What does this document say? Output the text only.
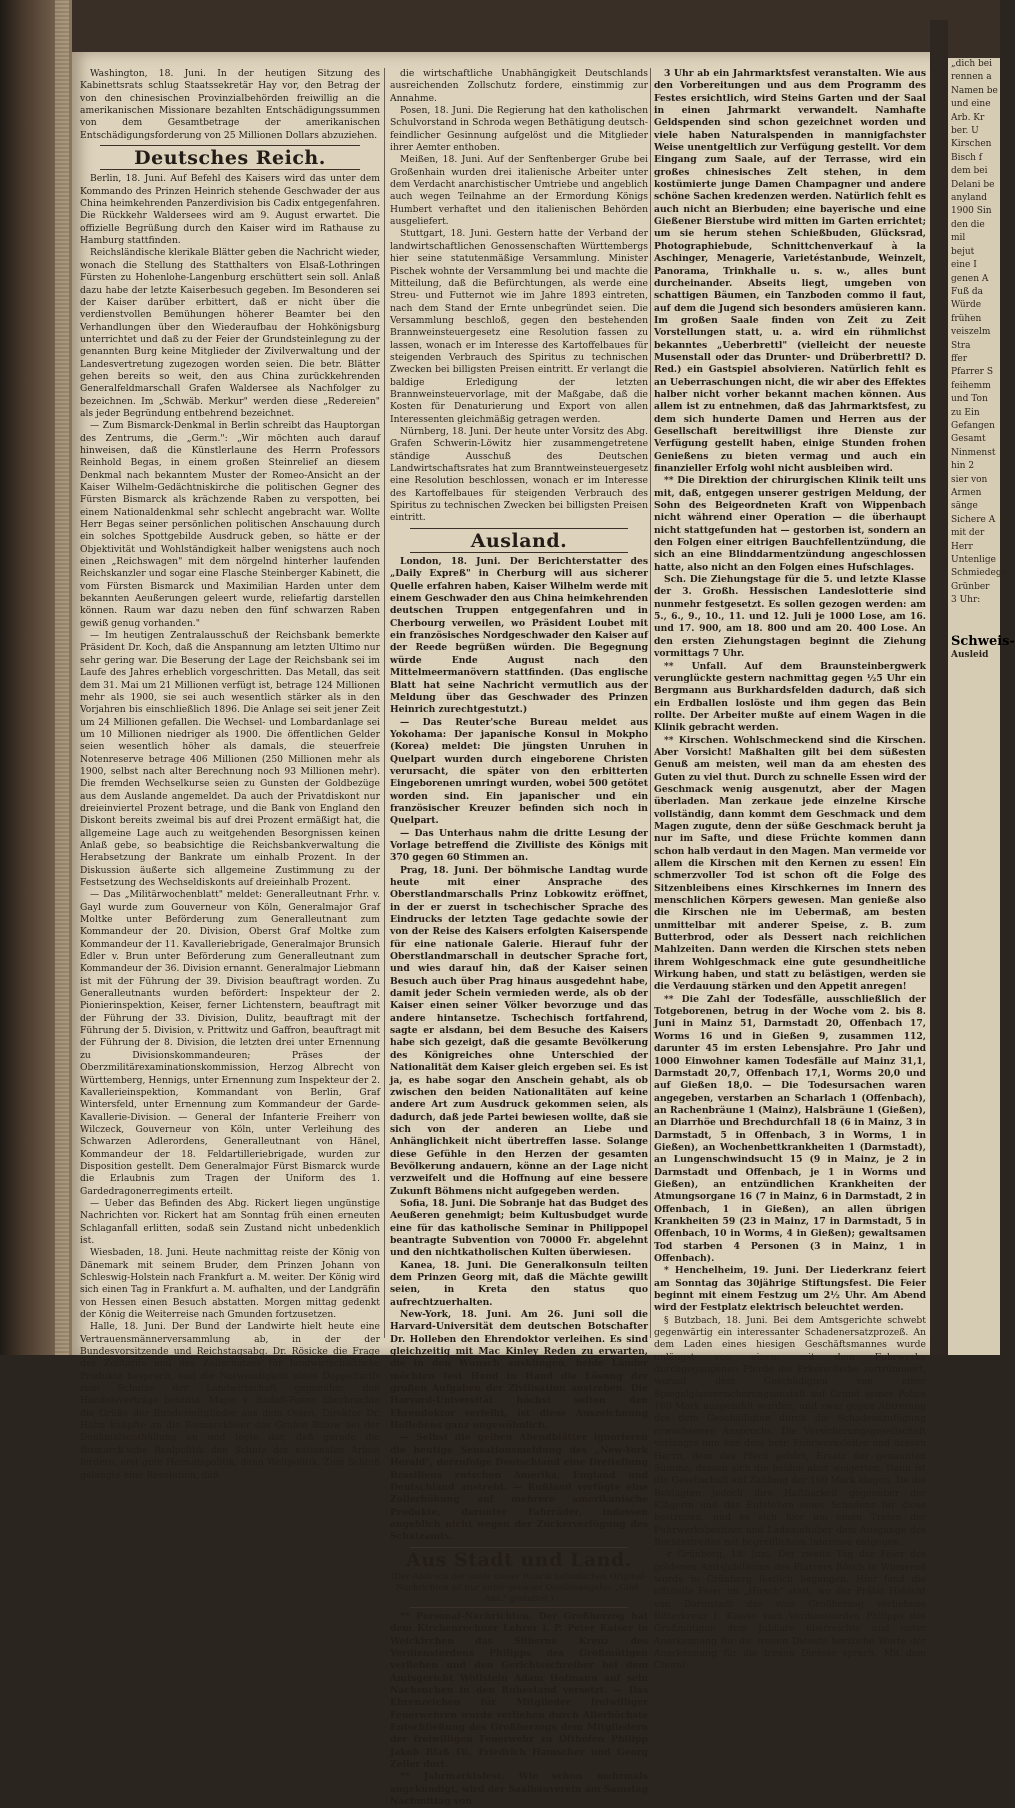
Washington, 18. Juni. In der heutigen Sitzung des Kabinettsrats schlug Staatssekretär Hay vor, den Betrag der von den chinesischen Provinzialbehörden freiwillig an die amerikanischen Missionare bezahlten Entschädigungssummen von dem Gesamtbetrage der amerikanischen Entschädigungsforderung von 25 Millionen Dollars abzuziehen.

Deutsches Reich.

Berlin, 18. Juni. Auf Befehl des Kaisers wird das unter dem Kommando des Prinzen Heinrich stehende Geschwader der aus China heimkehrenden Panzerdivision bis Cadix entgegenfahren. Die Rückkehr Waldersees wird am 9. August erwartet. Die offizielle Begrüßung durch den Kaiser wird im Rathause zu Hamburg stattfinden.

Reichsländische klerikale Blätter geben die Nachricht wieder, wonach die Stellung des Statthalters von Elsaß-Lothringen Fürsten zu Hohenlohe-Langenburg erschüttert sein soll. Anlaß dazu habe der letzte Kaiserbesuch gegeben. Im Besonderen sei der Kaiser darüber erbittert, daß er nicht über die verdienstvollen Bemühungen höherer Beamter bei den Verhandlungen über den Wiederaufbau der Hohkönigsburg unterrichtet und daß zu der Feier der Grundsteinlegung zu der genannten Burg keine Mitglieder der Zivilverwaltung und der Landesvertretung zugezogen worden seien. Die betr. Blätter gehen bereits so weit, den aus China zurückkehrenden Generalfeldmarschall Grafen Waldersee als Nachfolger zu bezeichnen. Im „Schwäb. Merkur" werden diese „Redereien" als jeder Begründung entbehrend bezeichnet.

— Zum Bismarck-Denkmal in Berlin schreibt das Hauptorgan des Zentrums, die „Germ.": „Wir möchten auch darauf hinweisen, daß die Künstlerlaune des Herrn Professors Reinhold Begas, in einem großen Steinrelief an diesem Denkmal nach bekanntem Muster der Romeo-Ansicht an der Kaiser Wilhelm-Gedächtniskirche die politischen Gegner des Fürsten Bismarck als krächzende Raben zu verspotten, bei einem Nationaldenkmal sehr schlecht angebracht war. Wollte Herr Begas seiner persönlichen politischen Anschauung durch ein solches Spottgebilde Ausdruck geben, so hätte er der Objektivität und Wohlständigkeit halber wenigstens auch noch einen „Reichswagen" mit dem nörgelnd hinterher laufenden Reichskanzler und sogar eine Flasche Steinberger Kabinett, die vom Fürsten Bismarck und Maximilian Harden unter dem bekannten Aeußerungen geleert wurde, reliefartig darstellen können. Raum war dazu neben den fünf schwarzen Raben gewiß genug vorhanden."

— Im heutigen Zentralausschuß der Reichsbank bemerkte Präsident Dr. Koch, daß die Anspannung am letzten Ultimo nur sehr gering war. Die Beserung der Lage der Reichsbank sei im Laufe des Jahres erheblich vorgeschritten. Das Metall, das seit dem 31. Mai um 21 Millionen verfügt ist, betrage 124 Millionen mehr als 1900, sie sei auch wesentlich stärker als in den Vorjahren bis einschließlich 1896. Die Anlage sei seit jener Zeit um 24 Millionen gefallen. Die Wechsel- und Lombardanlage sei um 10 Millionen niedriger als 1900. Die öffentlichen Gelder seien wesentlich höher als damals, die steuerfreie Notenreserve betrage 406 Millionen (250 Millionen mehr als 1900, selbst nach alter Berechnung noch 93 Millionen mehr). Die fremden Wechselkurse seien zu Gunsten der Goldbezüge aus dem Auslande angemeldet. Da auch der Privatdiskont nur dreieinviertel Prozent betrage, und die Bank von England den Diskont bereits zweimal bis auf drei Prozent ermäßigt hat, die allgemeine Lage auch zu weitgehenden Besorgnissen keinen Anlaß gebe, so beabsichtige die Reichsbankverwaltung die Herabsetzung der Bankrate um einhalb Prozent. In der Diskussion äußerte sich allgemeine Zustimmung zu der Festsetzung des Wechseldiskonts auf dreieinhalb Prozent.

— Das „Militärwochenblatt" meldet: Generalleutnant Frhr. v. Gayl wurde zum Gouverneur von Köln, Generalmajor Graf Moltke unter Beförderung zum Generalleutnant zum Kommandeur der 20. Division, Oberst Graf Moltke zum Kommandeur der 11. Kavalleriebrigade, Generalmajor Brunsich Edler v. Brun unter Beförderung zum Generalleutnant zum Kommandeur der 36. Division ernannt. Generalmajor Liebmann ist mit der Führung der 39. Division beauftragt worden. Zu Generalleutnants wurden befördert: Inspekteur der 2. Pionierinspektion, Keiser, ferner Lichtenstern, beauftragt mit der Führung der 33. Division, Dulitz, beauftragt mit der Führung der 5. Division, v. Prittwitz und Gaffron, beauftragt mit der Führung der 8. Division, die letzten drei unter Ernennung zu Divisionskommandeuren; Präses der Oberzmilitärexaminationskommission, Herzog Albrecht von Württemberg, Hennigs, unter Ernennung zum Inspekteur der 2. Kavallerieinspektion, Kommandant von Berlin, Graf Wintersfeld, unter Ernennung zum Kommandeur der Garde-Kavallerie-Division. — General der Infanterie Freiherr von Wilczeck, Gouverneur von Köln, unter Verleihung des Schwarzen Adlerordens, Generalleutnant von Hänel, Kommandeur der 18. Feldartilleriebrigade, wurden zur Disposition gestellt. Dem Generalmajor Fürst Bismarck wurde die Erlaubnis zum Tragen der Uniform des 1. Gardedragonerregiments erteilt.

— Ueber das Befinden des Abg. Rickert liegen ungünstige Nachrichten vor. Rickert hat am Sonntag früh einen erneuten Schlaganfall erlitten, sodaß sein Zustand nicht unbedenklich ist.

Wiesbaden, 18. Juni. Heute nachmittag reiste der König von Dänemark mit seinem Bruder, dem Prinzen Johann von Schleswig-Holstein nach Frankfurt a. M. weiter. Der König wird sich einen Tag in Frankfurt a. M. aufhalten, und der Landgräfin von Hessen einen Besuch abstatten. Morgen mittag gedenkt der König die Weiterreise nach Gmunden fortzusetzen.

Halle, 18. Juni. Der Bund der Landwirte hielt heute eine Vertrauensmännerversammlung ab, in der der Bundesvorsitzende und Reichstagsabg. Dr. Rösicke die Frage des Zolltarifs und des Zollschutzes für landwirtschaftliche Produkte besprach, und die Notwendigkeit eines Doppeltarifs zum Schutze der Landwirtschaft gegenüber den Handelsverträge betonte. Major v. Endell-Posen überbrachte die Grüße der Bundesmitglieder aus dem Osten. Direktor Dr. Hahn knüpfte an die Bismarckfeier des Grafen Bülow bei der Denkmalsenthüllung an und legte dar, daß gerade die Bismarck'sche Realpolitik den Schutz der nationalen Arbeit fordere, erst gute Heimatspolitik, dann Weltpolitik. Zum Schluß gelangte eine Resolution, daß

die wirtschaftliche Unabhängigkeit Deutschlands ausreichenden Zollschutz fordere, einstimmig zur Annahme.

Posen, 18. Juni. Die Regierung hat den katholischen Schulvorstand in Schroda wegen Bethätigung deutsch-feindlicher Gesinnung aufgelöst und die Mitglieder ihrer Aemter enthoben.

Meißen, 18. Juni. Auf der Senftenberger Grube bei Großenhain wurden drei italienische Arbeiter unter dem Verdacht anarchistischer Umtriebe und angeblich auch wegen Teilnahme an der Ermordung Königs Humbert verhaftet und den italienischen Behörden ausgeliefert.

Stuttgart, 18. Juni. Gestern hatte der Verband der landwirtschaftlichen Genossenschaften Württembergs hier seine statutenmäßige Versammlung. Minister Pischek wohnte der Versammlung bei und machte die Mitteilung, daß die Befürchtungen, als werde eine Streu- und Futternot wie im Jahre 1893 eintreten, nach dem Stand der Ernte unbegründet seien. Die Versammlung beschloß, gegen den bestehenden Brannweinsteuergesetz eine Resolution fassen zu lassen, wonach er im Interesse des Kartoffelbaues für steigenden Verbrauch des Spiritus zu technischen Zwecken bei billigsten Preisen eintritt. Er verlangt die baldige Erledigung der letzten Brannweinsteuervorlage, mit der Maßgabe, daß die Kosten für Denaturierung und Export von allen Interessenten gleichmäßig getragen werden.

Nürnberg, 18. Juni. Der heute unter Vorsitz des Abg. Grafen Schwerin-Löwitz hier zusammengetretene ständige Ausschuß des Deutschen Landwirtschaftsrates hat zum Branntweinsteuergesetz eine Resolution beschlossen, wonach er im Interesse des Kartoffelbaues für steigenden Verbrauch des Spiritus zu technischen Zwecken bei billigsten Preisen eintritt.

Ausland.

London, 18. Juni. Der Berichterstatter des „Daily Expreß" in Cherburg will aus sicherer Quelle erfahren haben, Kaiser Wilhelm werde mit einem Geschwader den aus China heimkehrenden deutschen Truppen entgegenfahren und in Cherbourg verweilen, wo Präsident Loubet mit ein französisches Nordgeschwader den Kaiser auf der Reede begrüßen würden. Die Begegnung würde Ende August nach den Mittelmeermanövern stattfinden. (Das englische Blatt hat seine Nachricht vermutlich aus der Meldung über das Geschwader des Prinzen Heinrich zurechtgestutzt.)

— Das Reuter'sche Bureau meldet aus Yokohama: Der japanische Konsul in Mokpho (Korea) meldet: Die jüngsten Unruhen in Quelpart wurden durch eingeborene Christen verursacht, die später von den erbitterten Eingeborenen umringt wurden, wobei 500 getötet worden sind. Ein japanischer und ein französischer Kreuzer befinden sich noch in Quelpart.

— Das Unterhaus nahm die dritte Lesung der Vorlage betreffend die Zivilliste des Königs mit 370 gegen 60 Stimmen an.

Prag, 18. Juni. Der böhmische Landtag wurde heute mit einer Ansprache des Oberstlandmarschalls Prinz Lobkowitz eröffnet, in der er zuerst in tschechischer Sprache des Eindrucks der letzten Tage gedachte sowie der von der Reise des Kaisers erfolgten Kaiserspende für eine nationale Galerie. Hierauf fuhr der Oberstlandmarschall in deutscher Sprache fort, und wies darauf hin, daß der Kaiser seinen Besuch auch über Prag hinaus ausgedehnt habe, damit jeder Schein vermieden werde, als ob der Kaiser einen seiner Völker bevorzuge und das andere hintansetze. Tschechisch fortfahrend, sagte er alsdann, bei dem Besuche des Kaisers habe sich gezeigt, daß die gesamte Bevölkerung des Königreiches ohne Unterschied der Nationalität dem Kaiser gleich ergeben sei. Es ist ja, es habe sogar den Anschein gehabt, als ob zwischen den beiden Nationalitäten auf keine andere Art zum Ausdruck gekommen seien, als dadurch, daß jede Partei bewiesen wollte, daß sie sich von der anderen an Liebe und Anhänglichkeit nicht übertreffen lasse. Solange diese Gefühle in den Herzen der gesamten Bevölkerung andauern, könne an der Lage nicht verzweifelt und die Hoffnung auf eine bessere Zukunft Böhmens nicht aufgegeben werden.

Sofia, 18. Juni. Die Sobranje hat das Budget des Aeußeren genehmigt; beim Kultusbudget wurde eine für das katholische Seminar in Philippopel beantragte Subvention von 70000 Fr. abgelehnt und den nichtkatholischen Kulten überwiesen.

Kanea, 18. Juni. Die Generalkonsuln teilten dem Prinzen Georg mit, daß die Mächte gewillt seien, in Kreta den status quo aufrechtzuerhalten.

New-York, 18. Juni. Am 26. Juni soll die Harvard-Universität dem deutschen Botschafter Dr. Holleben den Ehrendoktor verleihen. Es sind gleichzeitig mit Mac Kinley Reden zu erwarten, die in den Wunsch ausklingen, beide Länder möchten fest Hand in Hand die Lösung der großen Aufgaben der Zivilisation anstreben. Die Harvard-Universität höchst selten den Ehrendoktor verleiht, ist diese Auszeichnung Hollebens ganz ungewöhnlich.

— Selbst die gelben Abendblätter ignorieren die heutige Sensationsmeldung des „New-York Herald", derzufolge Deutschland eine Dreiteilung Brasiliens zwischen Amerika, England und Deutschland anstrebt. — Rußland verfügte eine Zollerhöhung auf mehrere amerikanische Produkte, darunter Fahrräder, indessen angeblich nicht wegen der Zuckerverfügung des Schatzamts.

Aus Stadt und Land.
(Der Abdruck der unter dieser Rubrik befindlichen Original-Nachrichten ist nur unter genauer Quellenangabe: „Gieß. Anz." gestattet.)

** Personal-Nachrichten. Der Großherzog hat dem Kirchenrechner Lehrer i. P. Peter Kaiser in Weickirchen das Silberne Kreuz des Verdienstordens Philipps des Großmütigen verliehen und den Gerichtsschreiber bei dem Amtsgericht Wöllstein Adam Hofmann auf sein Nachsuchen in den Ruhestand versetzt. — Das Ehrenzeichen für Mitglieder freiwilliger Feuerwehren wurde verliehen durch Allerhöchste Entschließung des Großherzogs dem Mitgliedern der freiwilligen Feuerwehr zu Ofthofen Philipp Jakob Blaß IV., Friedrich Hamscher und Georg Zeller dort.

** Jahrmarktsfest. Wie schon mehrmals angekündigt, wird der Saalbauverein am Samstag Nachmittag von

3 Uhr ab ein Jahrmarktsfest veranstalten. Wie aus den Vorbereitungen und aus dem Programm des Festes ersichtlich, wird Steins Garten und der Saal in einen Jahrmarkt verwandelt. Namhafte Geldspenden sind schon gezeichnet worden und viele haben Naturalspenden in mannigfachster Weise unentgeltlich zur Verfügung gestellt. Vor dem Eingang zum Saale, auf der Terrasse, wird ein großes chinesisches Zelt stehen, in dem kostümierte junge Damen Champagner und andere schöne Sachen kredenzen werden. Natürlich fehlt es auch nicht an Bierbuden; eine bayerische und eine Gießener Bierstube wird mitten im Garten errichtet; um sie herum stehen Schießbuden, Glücksrad, Photographiebude, Schnittchenverkauf à la Aschinger, Menagerie, Varietéstanbude, Weinzelt, Panorama, Trinkhalle u. s. w., alles bunt durcheinander. Abseits liegt, umgeben von schattigen Bäumen, ein Tanzboden commo il faut, auf dem die Jugend sich besonders amüsieren kann. Im großen Saale finden von Zeit zu Zeit Vorstellungen statt, u. a. wird ein rühmlichst bekanntes „Ueberbrettl" (vielleicht der neueste Musenstall oder das Drunter- und Drüberbrettl? D. Red.) ein Gastspiel absolvieren. Natürlich fehlt es an Ueberraschungen nicht, die wir aber des Effektes halber nicht vorher bekannt machen können. Aus allem ist zu entnehmen, daß das Jahrmarktsfest, zu dem sich hunderte Damen und Herren aus der Gesellschaft bereitwilligst ihre Dienste zur Verfügung gestellt haben, einige Stunden frohen Genießens zu bieten vermag und auch ein finanzieller Erfolg wohl nicht ausbleiben wird.

** Die Direktion der chirurgischen Klinik teilt uns mit, daß, entgegen unserer gestrigen Meldung, der Sohn des Beigeordneten Kraft von Wippenbach nicht während einer Operation — die überhaupt nicht stattgefunden hat — gestorben ist, sondern an den Folgen einer eitrigen Bauchfellentzündung, die sich an eine Blinddarmentzündung angeschlossen hatte, also nicht an den Folgen eines Hufschlages.

Sch. Die Ziehungstage für die 5. und letzte Klasse der 3. Großh. Hessischen Landeslotterie sind nunmehr festgesetzt. Es sollen gezogen werden: am 5., 6., 9., 10., 11. und 12. Juli je 1000 Lose, am 16. und 17. 900, am 18. 800 und am 20. 400 Lose. An den ersten Ziehungstagen beginnt die Ziehung vormittags 7 Uhr.

** Unfall. Auf dem Braunsteinbergwerk verunglückte gestern nachmittag gegen ½5 Uhr ein Bergmann aus Burkhardsfelden dadurch, daß sich ein Erdballen loslöste und ihm gegen das Bein rollte. Der Arbeiter mußte auf einem Wagen in die Klinik gebracht werden.

** Kirschen. Wohlschmeckend sind die Kirschen. Aber Vorsicht! Maßhalten gilt bei dem süßesten Genuß am meisten, weil man da am ehesten des Guten zu viel thut. Durch zu schnelle Essen wird der Geschmack wenig ausgenutzt, aber der Magen überladen. Man zerkaue jede einzelne Kirsche vollständig, dann kommt dem Geschmack und dem Magen zugute, denn der süße Geschmack beruht ja nur im Safte, und diese Früchte kommen dann schon halb verdaut in den Magen. Man vermeide vor allem die Kirschen mit den Kernen zu essen! Ein schmerzvoller Tod ist schon oft die Folge des Sitzenbleibens eines Kirschkernes im Innern des menschlichen Körpers gewesen. Man genieße also die Kirschen nie im Uebermaß, am besten unmittelbar mit anderer Speise, z. B. zum Butterbrod, oder als Dessert nach reichlichen Mahlzeiten. Dann werden die Kirschen stets neben ihrem Wohlgeschmack eine gute gesundheitliche Wirkung haben, und statt zu belästigen, werden sie die Verdauung stärken und den Appetit anregen!

** Die Zahl der Todesfälle, ausschließlich der Totgeborenen, betrug in der Woche vom 2. bis 8. Juni in Mainz 51, Darmstadt 20, Offenbach 17, Worms 16 und in Gießen 9, zusammen 112, darunter 45 im ersten Lebensjahre. Pro Jahr und 1000 Einwohner kamen Todesfälle auf Mainz 31,1, Darmstadt 20,7, Offenbach 17,1, Worms 20,0 und auf Gießen 18,0. — Die Todesursachen waren angegeben, verstarben an Scharlach 1 (Offenbach), an Rachenbräune 1 (Mainz), Halsbräune 1 (Gießen), an Diarrhöe und Brechdurchfall 18 (6 in Mainz, 3 in Darmstadt, 5 in Offenbach, 3 in Worms, 1 in Gießen), an Wochenbettkrankheiten 1 (Darmstadt), an Lungenschwindsucht 15 (9 in Mainz, je 2 in Darmstadt und Offenbach, je 1 in Worms und Gießen), an entzündlichen Krankheiten der Atmungsorgane 16 (7 in Mainz, 6 in Darmstadt, 2 in Offenbach, 1 in Gießen), an allen übrigen Krankheiten 59 (23 in Mainz, 17 in Darmstadt, 5 in Offenbach, 10 in Worms, 4 in Gießen); gewaltsamen Tod starben 4 Personen (3 in Mainz, 1 in Offenbach).

* Henchelheim, 19. Juni. Der Liederkranz feiert am Sonntag das 30jährige Stiftungsfest. Die Feier beginnt mit einem Festzug um 2½ Uhr. Am Abend wird der Festplatz elektrisch beleuchtet werden.

§ Butzbach, 18. Juni. Bei dem Amtsgerichte schwebt gegenwärtig ein interessanter Schadenersatzprozeß. An dem Laden eines hiesigen Geschäftsmannes wurde unlängst von einem mit dem Fuhrwerke durchgegangenen Pferde die Erkerscheibe zertrümmert, worauf dem Geschädigten von einer Spiegelglasversicherungsanstalt auf Grund seiner Police 160 Mark ausgezahlt wurden, und zwar gegen Abtretung des dem Geschädigten durch die Schadenszufügung erwachsenen Anspruchs. Die Versicherungsgesellschaft verlangte nun von dem betr. Fuhrwerksleiter und dessen Herrn, dem das Pferd gehört, Ersatz der genannten Summe, dessen sich die beiden aber weigerten. Dann ist die Gesellschaft auf Zahlung der 160 Mark klagen. Da die Beklagten jedoch ihre Haftbarkeit gegenüber der Klägerin und das Entstehen eines Schadens für diese bestreiten, und es sich hier um einen Treten der Fuhrwerksbesitzer und Ladeninhaber dem Ausgange des Rechtsstreites mit begreiflichem Interesse entgegen.

-r Grünberg, 18. Juni. Der zweite Tag der Feier des goldenen Amtsjubiläums des Pfarrers Rösch in Winnerod wurde in Grünberg festlich begangen. Hier fand die offizielle Feier im „Hirsch" statt, wo der Prälat Habicht von Darmstadt das vom Großherzog verliehene Ritterkreuz I. Klasse vom Verdienstorden Philipps des Großmütigen dem Jubilare überreichte und unter Anerkennung für die treuen Dienste herzliche Worte der Anerkennung für die treuen Dienste sprach. Mit dem Choral

„dich bei
rennen a
Namen be
und eine
Arb. Kr
ber. U
Kirschen
Bisch f
dem bei
Delani be
anyland
1900 Sin
den die
mil
bejut
eine I
genen A
Fuß da
Würde
frühen
veiszelm
Stra
ffer
Pfarrer S
feihemm
und Ton
zu Ein
Gefangen
Gesamt
Ninmenst
hin 2
sier von
Armen
sänge
Sichere A
mit der
Herr
Untenlige
Schmiedege
Grünber
3 Uhr:
Schweis-
Ausleid
